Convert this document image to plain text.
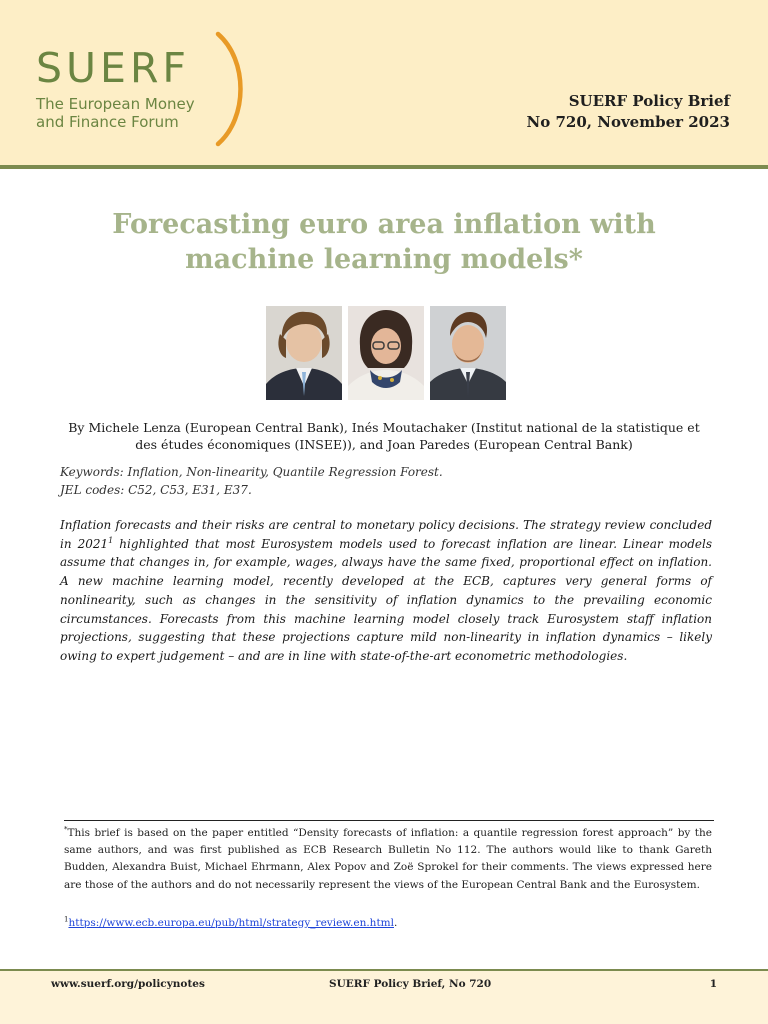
SUERF
The European Money
and Finance Forum
SUERF Policy Brief
No 720, November 2023
Forecasting euro area inflation with
machine learning models*
By Michele Lenza (European Central Bank), Inés Moutachaker (Institut national de la statistique et
des études économiques (INSEE)), and Joan Paredes (European Central Bank)
Keywords: Inflation, Non-linearity, Quantile Regression Forest.
JEL codes: C52, C53, E31, E37.
Inflation forecasts and their risks are central to monetary policy decisions. The strategy review concluded in 2021$^1$ highlighted that most Eurosystem models used to forecast inflation are linear. Linear models assume that changes in, for example, wages, always have the same fixed, proportional effect on inflation. A new machine learning model, recently developed at the ECB, captures very general forms of nonlinearity, such as changes in the sensitivity of inflation dynamics to the prevailing economic circumstances. Forecasts from this machine learning model closely track Eurosystem staff inflation projections, suggesting that these projections capture mild non-linearity in inflation dynamics – likely owing to expert judgement – and are in line with state-of-the-art econometric methodologies.
*This brief is based on the paper entitled “Density forecasts of inflation: a quantile regression forest approach” by the same authors, and was first published as ECB Research Bulletin No 112. The authors would like to thank Gareth Budden, Alexandra Buist, Michael Ehrmann, Alex Popov and Zoë Sprokel for their comments. The views expressed here are those of the authors and do not necessarily represent the views of the European Central Bank and the Eurosystem.
$^1$https://www.ecb.europa.eu/pub/html/strategy_review.en.html.
www.suerf.org/policynotes	SUERF Policy Brief, No 720	1
